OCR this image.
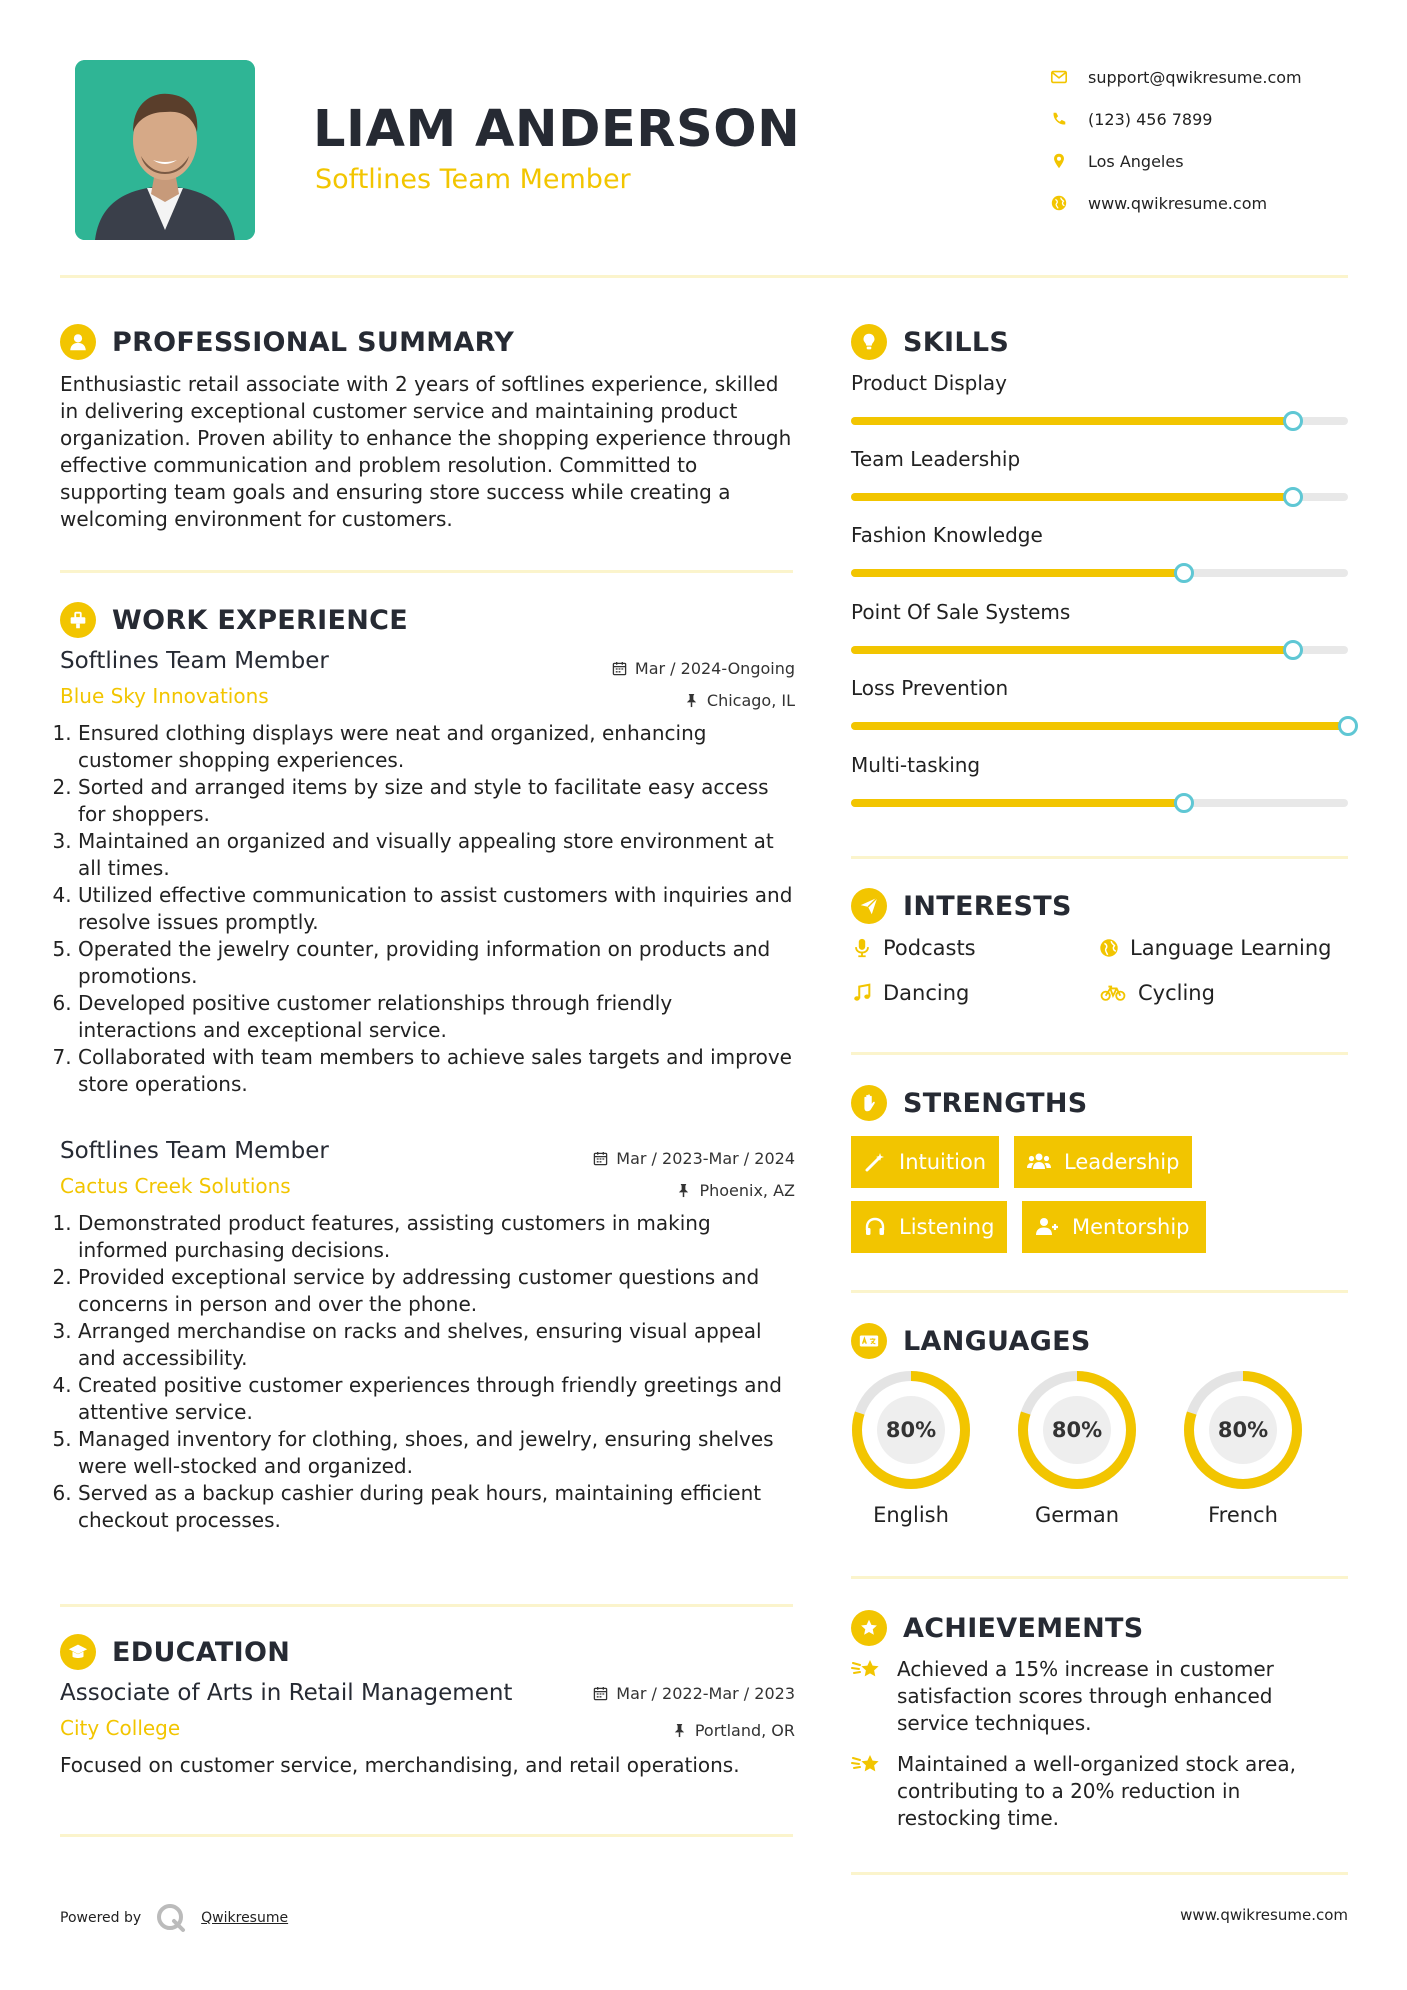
LIAM ANDERSON
Softlines Team Member
support@qwikresume.com
(123) 456 7899
Los Angeles
www.qwikresume.com
PROFESSIONAL SUMMARY
Enthusiastic retail associate with 2 years of softlines experience, skilled in delivering exceptional customer service and maintaining product organization. Proven ability to enhance the shopping experience through effective communication and problem resolution. Committed to supporting team goals and ensuring store success while creating a welcoming environment for customers.
WORK EXPERIENCE
Softlines Team Member
Blue Sky Innovations
Mar / 2024-Ongoing
Chicago, IL
1. Ensured clothing displays were neat and organized, enhancing customer shopping experiences.
2. Sorted and arranged items by size and style to facilitate easy access for shoppers.
3. Maintained an organized and visually appealing store environment at all times.
4. Utilized effective communication to assist customers with inquiries and resolve issues promptly.
5. Operated the jewelry counter, providing information on products and promotions.
6. Developed positive customer relationships through friendly interactions and exceptional service.
7. Collaborated with team members to achieve sales targets and improve store operations.
Softlines Team Member
Cactus Creek Solutions
Mar / 2023-Mar / 2024
Phoenix, AZ
1. Demonstrated product features, assisting customers in making informed purchasing decisions.
2. Provided exceptional service by addressing customer questions and concerns in person and over the phone.
3. Arranged merchandise on racks and shelves, ensuring visual appeal and accessibility.
4. Created positive customer experiences through friendly greetings and attentive service.
5. Managed inventory for clothing, shoes, and jewelry, ensuring shelves were well-stocked and organized.
6. Served as a backup cashier during peak hours, maintaining efficient checkout processes.
EDUCATION
Associate of Arts in Retail Management
City College
Mar / 2022-Mar / 2023
Portland, OR
Focused on customer service, merchandising, and retail operations.
SKILLS
Product Display
Team Leadership
Fashion Knowledge
Point Of Sale Systems
Loss Prevention
Multi-tasking
INTERESTS
Podcasts	Language Learning
Dancing	Cycling
STRENGTHS
Intuition	Leadership
Listening	Mentorship
LANGUAGES
80%
English
80%
German
80%
French
ACHIEVEMENTS
Achieved a 15% increase in customer satisfaction scores through enhanced service techniques.
Maintained a well-organized stock area, contributing to a 20% reduction in restocking time.
Powered by	Qwikresume	www.qwikresume.com
